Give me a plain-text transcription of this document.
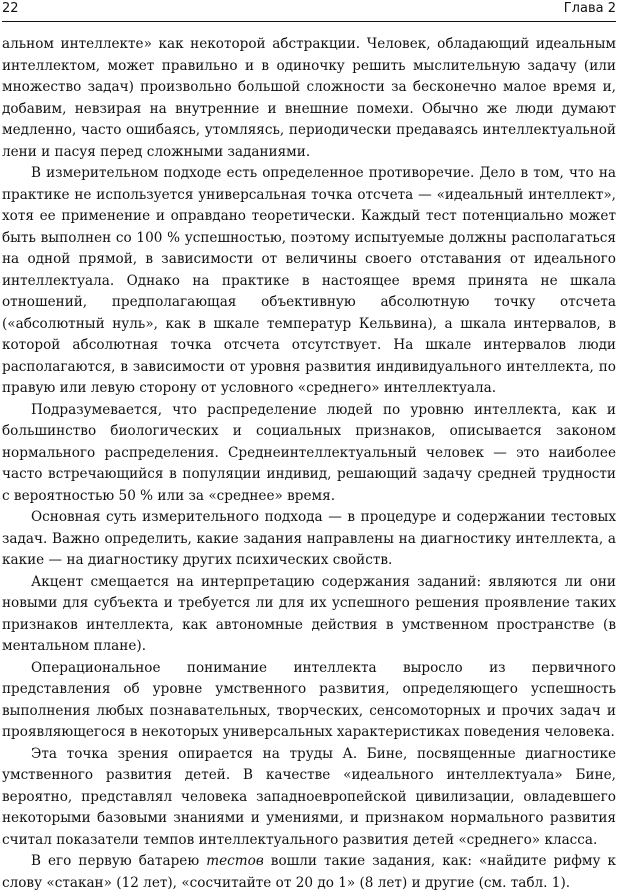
22	Глава 2

альном интеллекте» как некоторой абстракции. Человек, обладающий идеальным интеллектом, может правильно и в одиночку решить мыслительную задачу (или множество задач) произвольно большой сложности за бесконечно малое время и, добавим, невзирая на внутренние и внешние помехи. Обычно же люди думают медленно, часто ошибаясь, утомляясь, периодически предаваясь интеллектуальной лени и пасуя перед сложными заданиями.

В измерительном подходе есть определенное противоречие. Дело в том, что на практике не используется универсальная точка отсчета — «идеальный интеллект», хотя ее применение и оправдано теоретически. Каждый тест потенциально может быть выполнен со 100 % успешностью, поэтому испытуемые должны располагаться на одной прямой, в зависимости от величины своего отставания от идеального интеллектуала. Однако на практике в настоящее время принята не шкала отношений, предполагающая объективную абсолютную точку отсчета («абсолютный нуль», как в шкале температур Кельвина), а шкала интервалов, в которой абсолютная точка отсчета отсутствует. На шкале интервалов люди располагаются, в зависимости от уровня развития индивидуального интеллекта, по правую или левую сторону от условного «среднего» интеллектуала.

Подразумевается, что распределение людей по уровню интеллекта, как и большинство биологических и социальных признаков, описывается законом нормального распределения. Среднеинтеллектуальный человек — это наиболее часто встречающийся в популяции индивид, решающий задачу средней трудности с вероятностью 50 % или за «среднее» время.

Основная суть измерительного подхода — в процедуре и содержании тестовых задач. Важно определить, какие задания направлены на диагностику интеллекта, а какие — на диагностику других психических свойств.

Акцент смещается на интерпретацию содержания заданий: являются ли они новыми для субъекта и требуется ли для их успешного решения проявление таких признаков интеллекта, как автономные действия в умственном пространстве (в ментальном плане).

Операциональное понимание интеллекта выросло из первичного представления об уровне умственного развития, определяющего успешность выполнения любых познавательных, творческих, сенсомоторных и прочих задач и проявляющегося в некоторых универсальных характеристиках поведения человека.

Эта точка зрения опирается на труды А. Бине, посвященные диагностике умственного развития детей. В качестве «идеального интеллектуала» Бине, вероятно, представлял человека западноевропейской цивилизации, овладевшего некоторыми базовыми знаниями и умениями, и признаком нормального развития считал показатели темпов интеллектуального развития детей «среднего» класса.

В его первую батарею тестов вошли такие задания, как: «найдите рифму к слову «стакан» (12 лет), «сосчитайте от 20 до 1» (8 лет) и другие (см. табл. 1).
